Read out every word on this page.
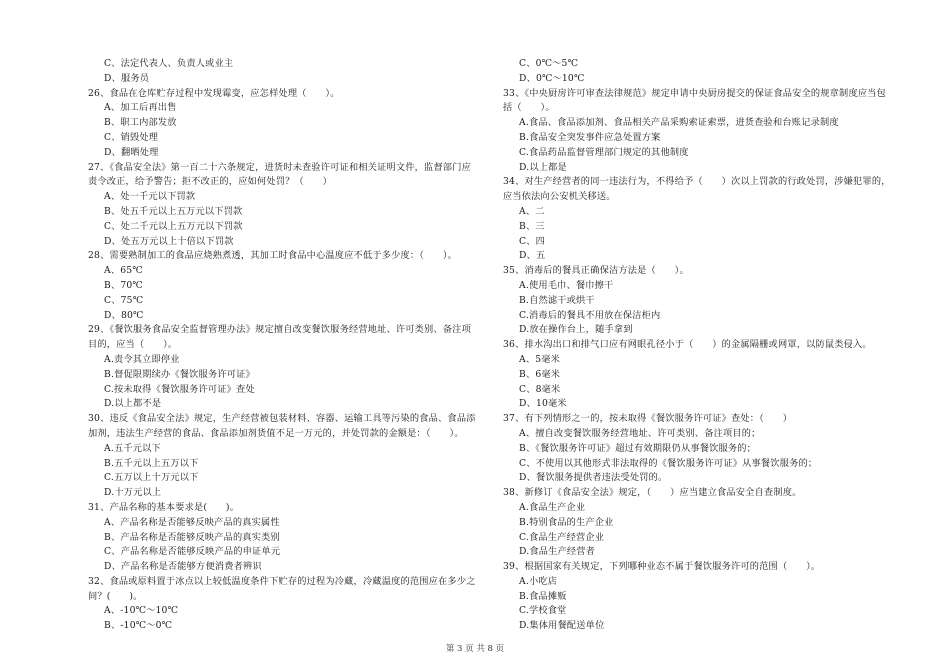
C、法定代表人、负责人或业主
D、服务员
26、食品在仓库贮存过程中发现霉变，应怎样处理（　　）。
A、加工后再出售
B、职工内部发放
C、销毁处理
D、翻晒处理
27、《食品安全法》第一百二十六条规定，进货时未查验许可证和相关证明文件，监督部门应
责令改正，给予警告；拒不改正的，应如何处罚？（　　）
A、处一千元以下罚款
B、处五千元以上五万元以下罚款
C、处二千元以上五万元以下罚款
D、处五万元以上十倍以下罚款
28、需要熟制加工的食品应烧熟煮透，其加工时食品中心温度应不低于多少度：（　　）。
A、65℃
B、70℃
C、75℃
D、80℃
29、《餐饮服务食品安全监督管理办法》规定擅自改变餐饮服务经营地址、许可类别、备注项
目的，应当（　　）。
A.责令其立即停业
B.督促限期续办《餐饮服务许可证》
C.按未取得《餐饮服务许可证》查处
D.以上都不是
30、违反《食品安全法》规定，生产经营被包装材料、容器、运输工具等污染的食品、食品添
加剂，违法生产经营的食品、食品添加剂货值不足一万元的，并处罚款的金额是：（　　）。
A.五千元以下
B.五千元以上五万以下
C.五万以上十万元以下
D.十万元以上
31、产品名称的基本要求是(　　)。
A、产品名称是否能够反映产品的真实属性
B、产品名称是否能够反映产品的真实类别
C、产品名称是否能够反映产品的申证单元
D、产品名称是否能够方便消费者辨识
32、食品或原料置于冰点以上较低温度条件下贮存的过程为冷藏，冷藏温度的范围应在多少之
间？(　　)。
A、-10℃～10℃
B、-10℃～0℃
C、0℃～5℃
D、0℃～10℃
33、《中央厨房许可审查法律规范》规定申请中央厨房提交的保证食品安全的规章制度应当包
括（　　）。
A.食品、食品添加剂、食品相关产品采购索证索票，进货查验和台账记录制度
B.食品安全突发事件应急处置方案
C.食品药品监督管理部门规定的其他制度
D.以上都是
34、对生产经营者的同一违法行为，不得给予（　　）次以上罚款的行政处罚，涉嫌犯罪的，
应当依法向公安机关移送。
A、二
B、三
C、四
D、五
35、消毒后的餐具正确保洁方法是（　　）。
A.使用毛巾、餐巾擦干
B.自然滤干或烘干
C.消毒后的餐具不用放在保洁柜内
D.放在操作台上，随手拿到
36、排水沟出口和排气口应有网眼孔径小于（　　）的金属隔栅或网罩，以防鼠类侵入。
A、5毫米
B、6毫米
C、8毫米
D、10毫米
37、有下列情形之一的，按未取得《餐饮服务许可证》查处：（　　）
A、擅自改变餐饮服务经营地址、许可类别、备注项目的；
B、《餐饮服务许可证》超过有效期限仍从事餐饮服务的；
C、不使用以其他形式非法取得的《餐饮服务许可证》从事餐饮服务的；
D、餐饮服务提供者违法受处罚的。
38、新修订《食品安全法》规定，（　　）应当建立食品安全自查制度。
A.食品生产企业
B.特别食品的生产企业
C.食品生产经营企业
D.食品生产经营者
39、根据国家有关规定，下列哪种业态不属于餐饮服务许可的范围（　　）。
A.小吃店
B.食品摊贩
C.学校食堂
D.集体用餐配送单位
第 3 页 共 8 页
